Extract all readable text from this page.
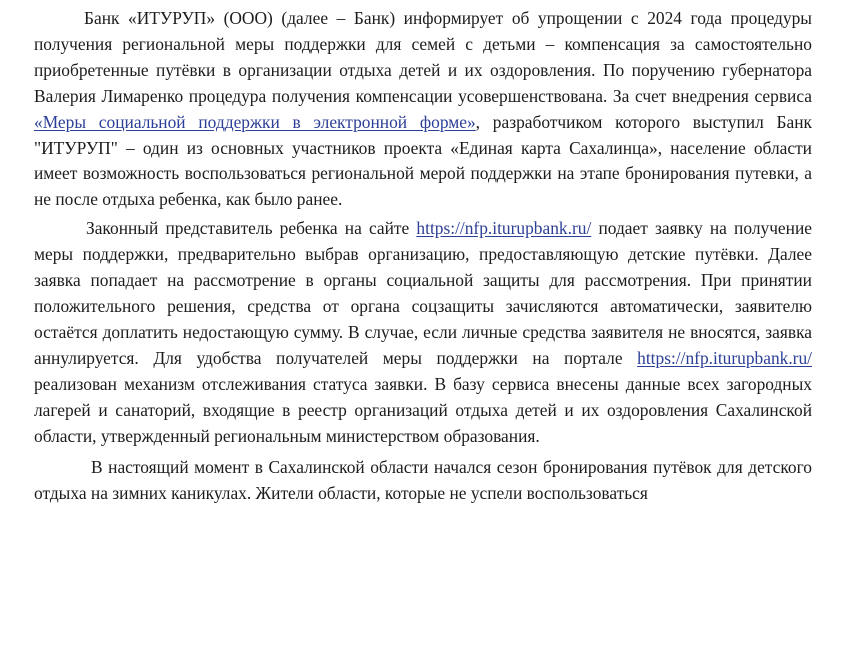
Банк «ИТУРУП» (ООО) (далее – Банк) информирует об упрощении с 2024 года процедуры получения региональной меры поддержки для семей с детьми – компенсация за самостоятельно приобретенные путёвки в организации отдыха детей и их оздоровления. По поручению губернатора Валерия Лимаренко процедура получения компенсации усовершенствована. За счет внедрения сервиса «Меры социальной поддержки в электронной форме», разработчиком которого выступил Банк "ИТУРУП" – один из основных участников проекта «Единая карта Сахалинца», население области имеет возможность воспользоваться региональной мерой поддержки на этапе бронирования путевки, а не после отдыха ребенка, как было ранее.

Законный представитель ребенка на сайте https://nfp.iturupbank.ru/ подает заявку на получение меры поддержки, предварительно выбрав организацию, предоставляющую детские путёвки. Далее заявка попадает на рассмотрение в органы социальной защиты для рассмотрения. При принятии положительного решения, средства от органа соцзащиты зачисляются автоматически, заявителю остаётся доплатить недостающую сумму. В случае, если личные средства заявителя не вносятся, заявка аннулируется. Для удобства получателей меры поддержки на портале https://nfp.iturupbank.ru/ реализован механизм отслеживания статуса заявки. В базу сервиса внесены данные всех загородных лагерей и санаторий, входящие в реестр организаций отдыха детей и их оздоровления Сахалинской области, утвержденный региональным министерством образования.

В настоящий момент в Сахалинской области начался сезон бронирования путёвок для детского отдыха на зимних каникулах. Жители области, которые не успели воспользоваться
